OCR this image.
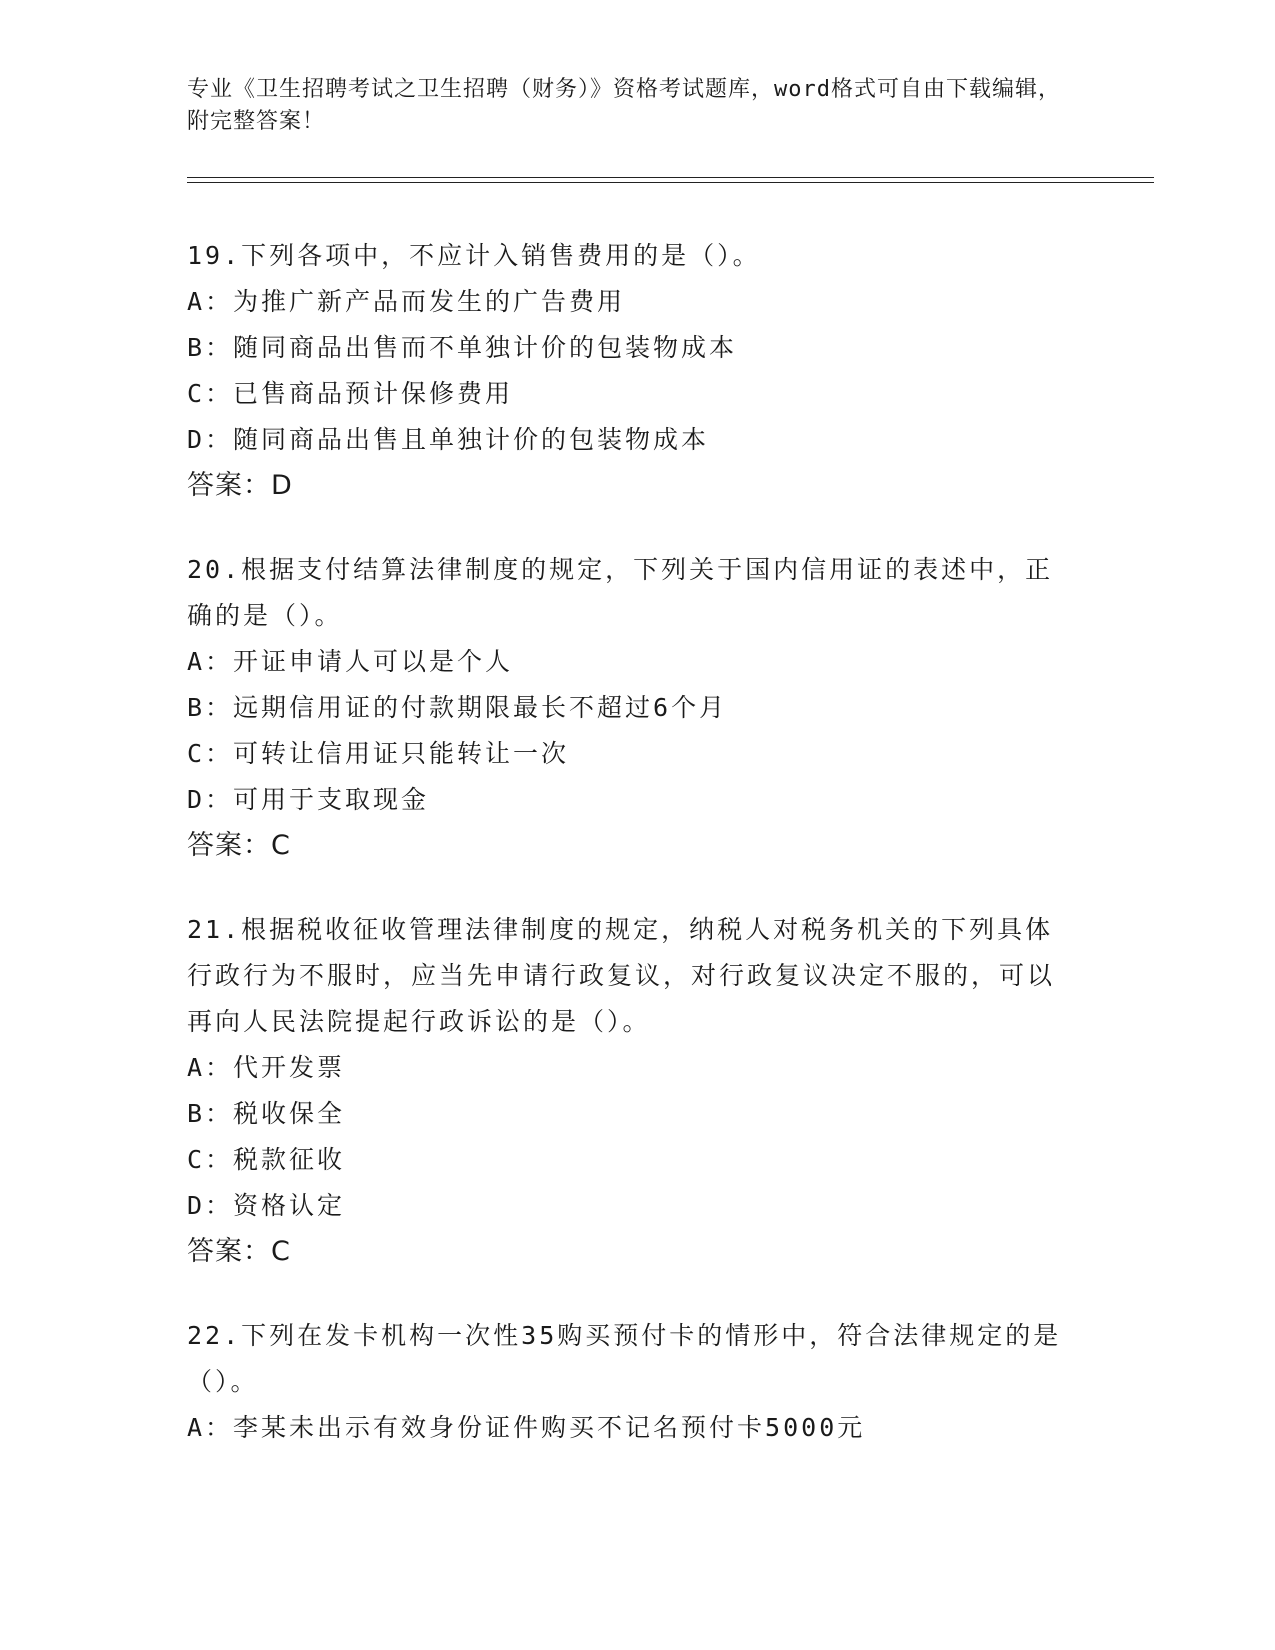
专业《卫生招聘考试之卫生招聘（财务）》资格考试题库，word格式可自由下载编辑，附完整答案！

19.下列各项中，不应计入销售费用的是（）。

A：为推广新产品而发生的广告费用

B：随同商品出售而不单独计价的包装物成本

C：已售商品预计保修费用

D：随同商品出售且单独计价的包装物成本

答案：D

20.根据支付结算法律制度的规定，下列关于国内信用证的表述中，正确的是（）。

A：开证申请人可以是个人

B：远期信用证的付款期限最长不超过6个月

C：可转让信用证只能转让一次

D：可用于支取现金

答案：C

21.根据税收征收管理法律制度的规定，纳税人对税务机关的下列具体行政行为不服时，应当先申请行政复议，对行政复议决定不服的，可以再向人民法院提起行政诉讼的是（）。

A：代开发票

B：税收保全

C：税款征收

D：资格认定

答案：C

22.下列在发卡机构一次性35购买预付卡的情形中，符合法律规定的是（）。

A：李某未出示有效身份证件购买不记名预付卡5000元
